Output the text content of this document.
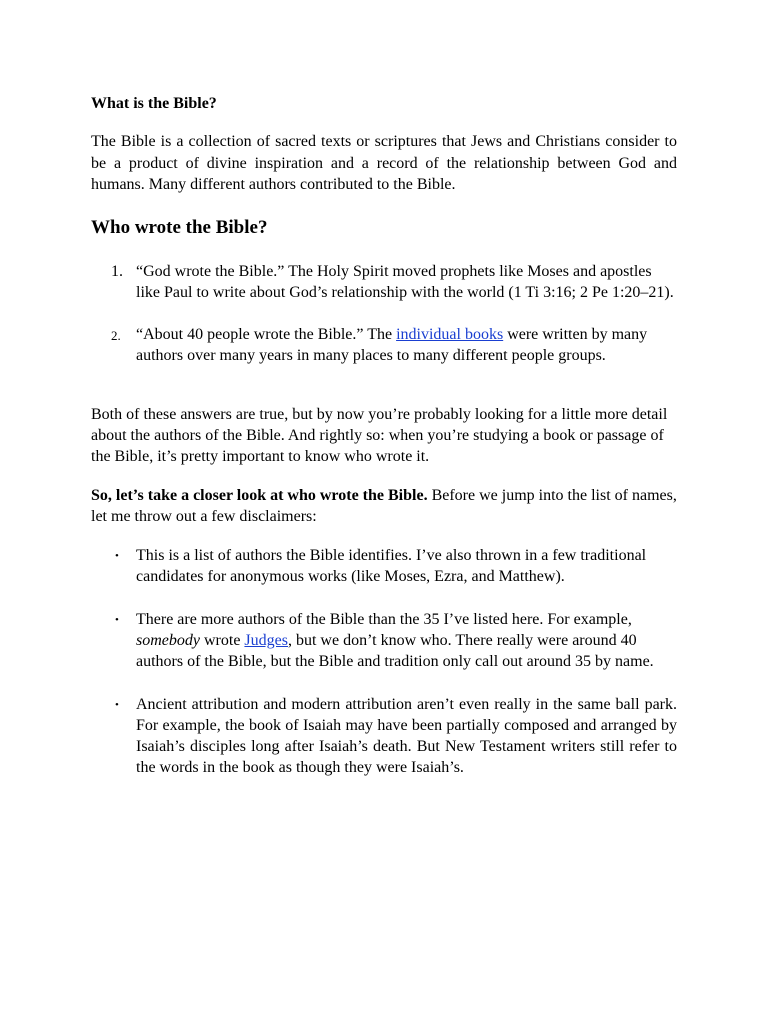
What is the Bible?

The Bible is a collection of sacred texts or scriptures that Jews and Christians consider to be a product of divine inspiration and a record of the relationship between God and humans. Many different authors contributed to the Bible.

Who wrote the Bible?

1. “God wrote the Bible.” The Holy Spirit moved prophets like Moses and apostles like Paul to write about God’s relationship with the world (1 Ti 3:16; 2 Pe 1:20–21).
2. “About 40 people wrote the Bible.” The individual books were written by many authors over many years in many places to many different people groups.

Both of these answers are true, but by now you’re probably looking for a little more detail about the authors of the Bible. And rightly so: when you’re studying a book or passage of the Bible, it’s pretty important to know who wrote it.

So, let’s take a closer look at who wrote the Bible. Before we jump into the list of names, let me throw out a few disclaimers:

• This is a list of authors the Bible identifies. I’ve also thrown in a few traditional candidates for anonymous works (like Moses, Ezra, and Matthew).
• There are more authors of the Bible than the 35 I’ve listed here. For example, somebody wrote Judges, but we don’t know who. There really were around 40 authors of the Bible, but the Bible and tradition only call out around 35 by name.
• Ancient attribution and modern attribution aren’t even really in the same ball park. For example, the book of Isaiah may have been partially composed and arranged by Isaiah’s disciples long after Isaiah’s death. But New Testament writers still refer to the words in the book as though they were Isaiah’s.
